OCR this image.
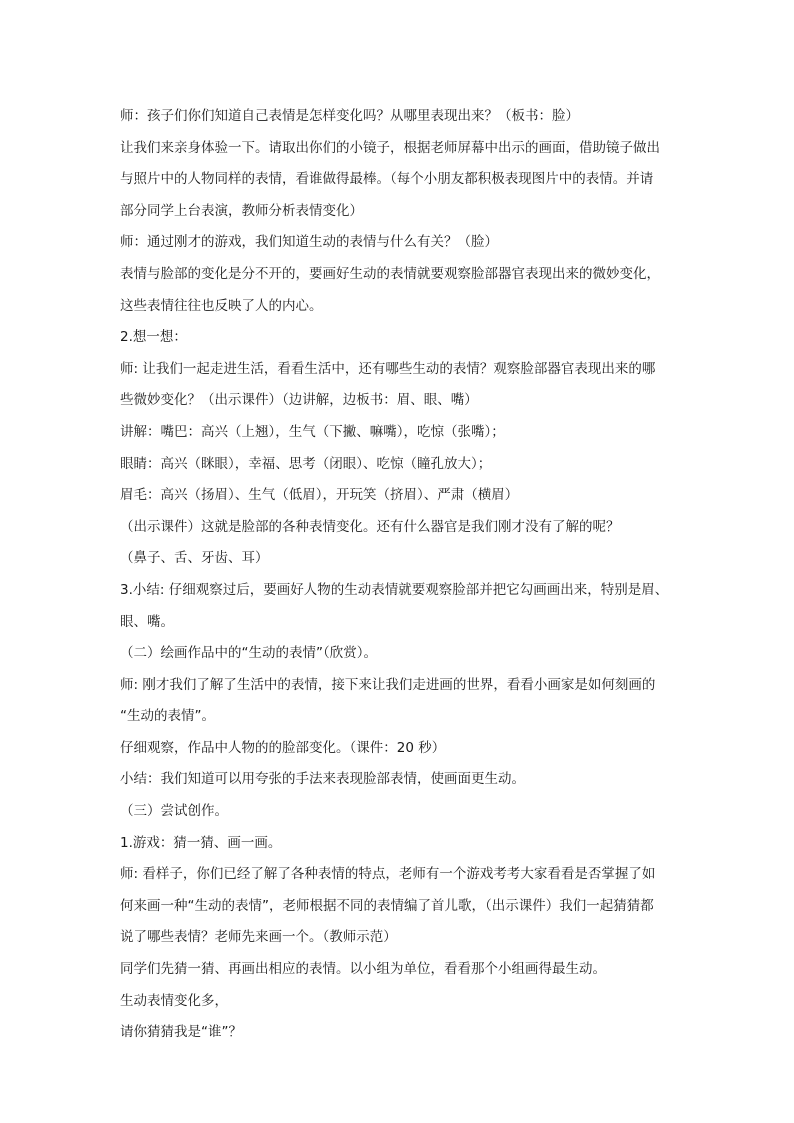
师：孩子们你们知道自己表情是怎样变化吗？从哪里表现出来？（板书：脸）
让我们来亲身体验一下。请取出你们的小镜子，根据老师屏幕中出示的画面，借助镜子做出
与照片中的人物同样的表情，看谁做得最棒。（每个小朋友都积极表现图片中的表情。并请
部分同学上台表演，教师分析表情变化）
师：通过刚才的游戏，我们知道生动的表情与什么有关？（脸）
表情与脸部的变化是分不开的，要画好生动的表情就要观察脸部器官表现出来的微妙变化，
这些表情往往也反映了人的内心。
2.想一想：
师: 让我们一起走进生活，看看生活中，还有哪些生动的表情？观察脸部器官表现出来的哪
些微妙变化？（出示课件）（边讲解，边板书：眉、眼、嘴）
讲解：嘴巴：高兴（上翘），生气（下撇、嘛嘴），吃惊（张嘴）；
眼睛：高兴（眯眼），幸福、思考（闭眼）、吃惊（瞳孔放大）；
眉毛：高兴（扬眉）、生气（低眉），开玩笑（挤眉）、严肃（横眉）
（出示课件）这就是脸部的各种表情变化。还有什么器官是我们刚才没有了解的呢？
（鼻子、舌、牙齿、耳）
3.小结: 仔细观察过后，要画好人物的生动表情就要观察脸部并把它勾画画出来，特别是眉、
眼、嘴。
（二）绘画作品中的“生动的表情”（欣赏）。
师: 刚才我们了解了生活中的表情，接下来让我们走进画的世界，看看小画家是如何刻画的
“生动的表情”。
仔细观察，作品中人物的的脸部变化。（课件：20 秒）
小结：我们知道可以用夸张的手法来表现脸部表情，使画面更生动。
（三）尝试创作。
1.游戏：猜一猜、画一画。
师: 看样子，你们已经了解了各种表情的特点，老师有一个游戏考考大家看看是否掌握了如
何来画一种“生动的表情”，老师根据不同的表情编了首儿歌，（出示课件）我们一起猜猜都
说了哪些表情？老师先来画一个。（教师示范）
同学们先猜一猜、再画出相应的表情。以小组为单位，看看那个小组画得最生动。
生动表情变化多，
请你猜猜我是“谁”？
